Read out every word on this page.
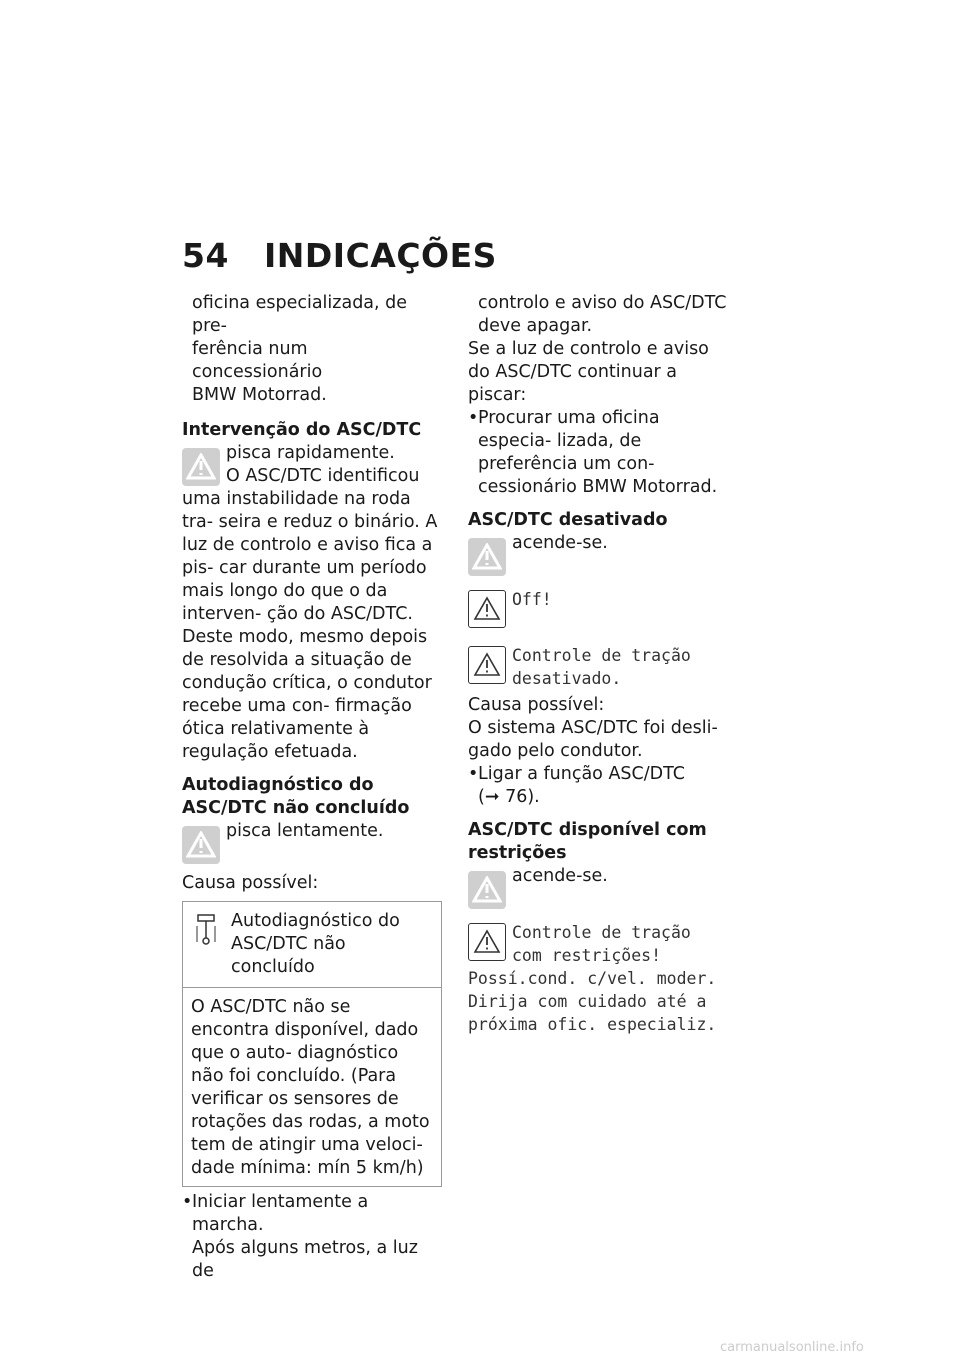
54 INDICAÇÕES

oficina especializada, de pre-

ferência num concessionário

BMW Motorrad.

Intervenção do ASC/DTC

pisca rapidamente.

O ASC/DTC identificou

uma instabilidade na roda tra- seira e reduz o binário. A luz de controlo e aviso fica a pis- car durante um período mais longo do que o da interven- ção do ASC/DTC. Deste modo, mesmo depois de resolvida a situação de condução crítica, o condutor recebe uma con- firmação ótica relativamente à regulação efetuada.

Autodiagnóstico do ASC/DTC não concluído

pisca lentamente.

Causa possível:

Autodiagnóstico do ASC/DTC não concluído

O ASC/DTC não se encontra disponível, dado que o auto- diagnóstico não foi concluído. (Para verificar os sensores de rotações das rodas, a moto tem de atingir uma veloci- dade mínima: mín 5 km/h)

• Iniciar lentamente a marcha.

Após alguns metros, a luz de

controlo e aviso do ASC/DTC deve apagar.

Se a luz de controlo e aviso do ASC/DTC continuar a piscar:

• Procurar uma oficina especia- lizada, de preferência um con- cessionário BMW Motorrad.

ASC/DTC desativado

acende-se.

Off!
Controle de tração desativado.

Causa possível:

O sistema ASC/DTC foi desli- gado pelo condutor.

• Ligar a função ASC/DTC

(➞ 76).

ASC/DTC disponível com restrições

acende-se.

Controle de tração
com restrições!

Possí.cond. c/vel. moder. Dirija com cuidado até a próxima ofic. especializ.

carmanualsonline.info
